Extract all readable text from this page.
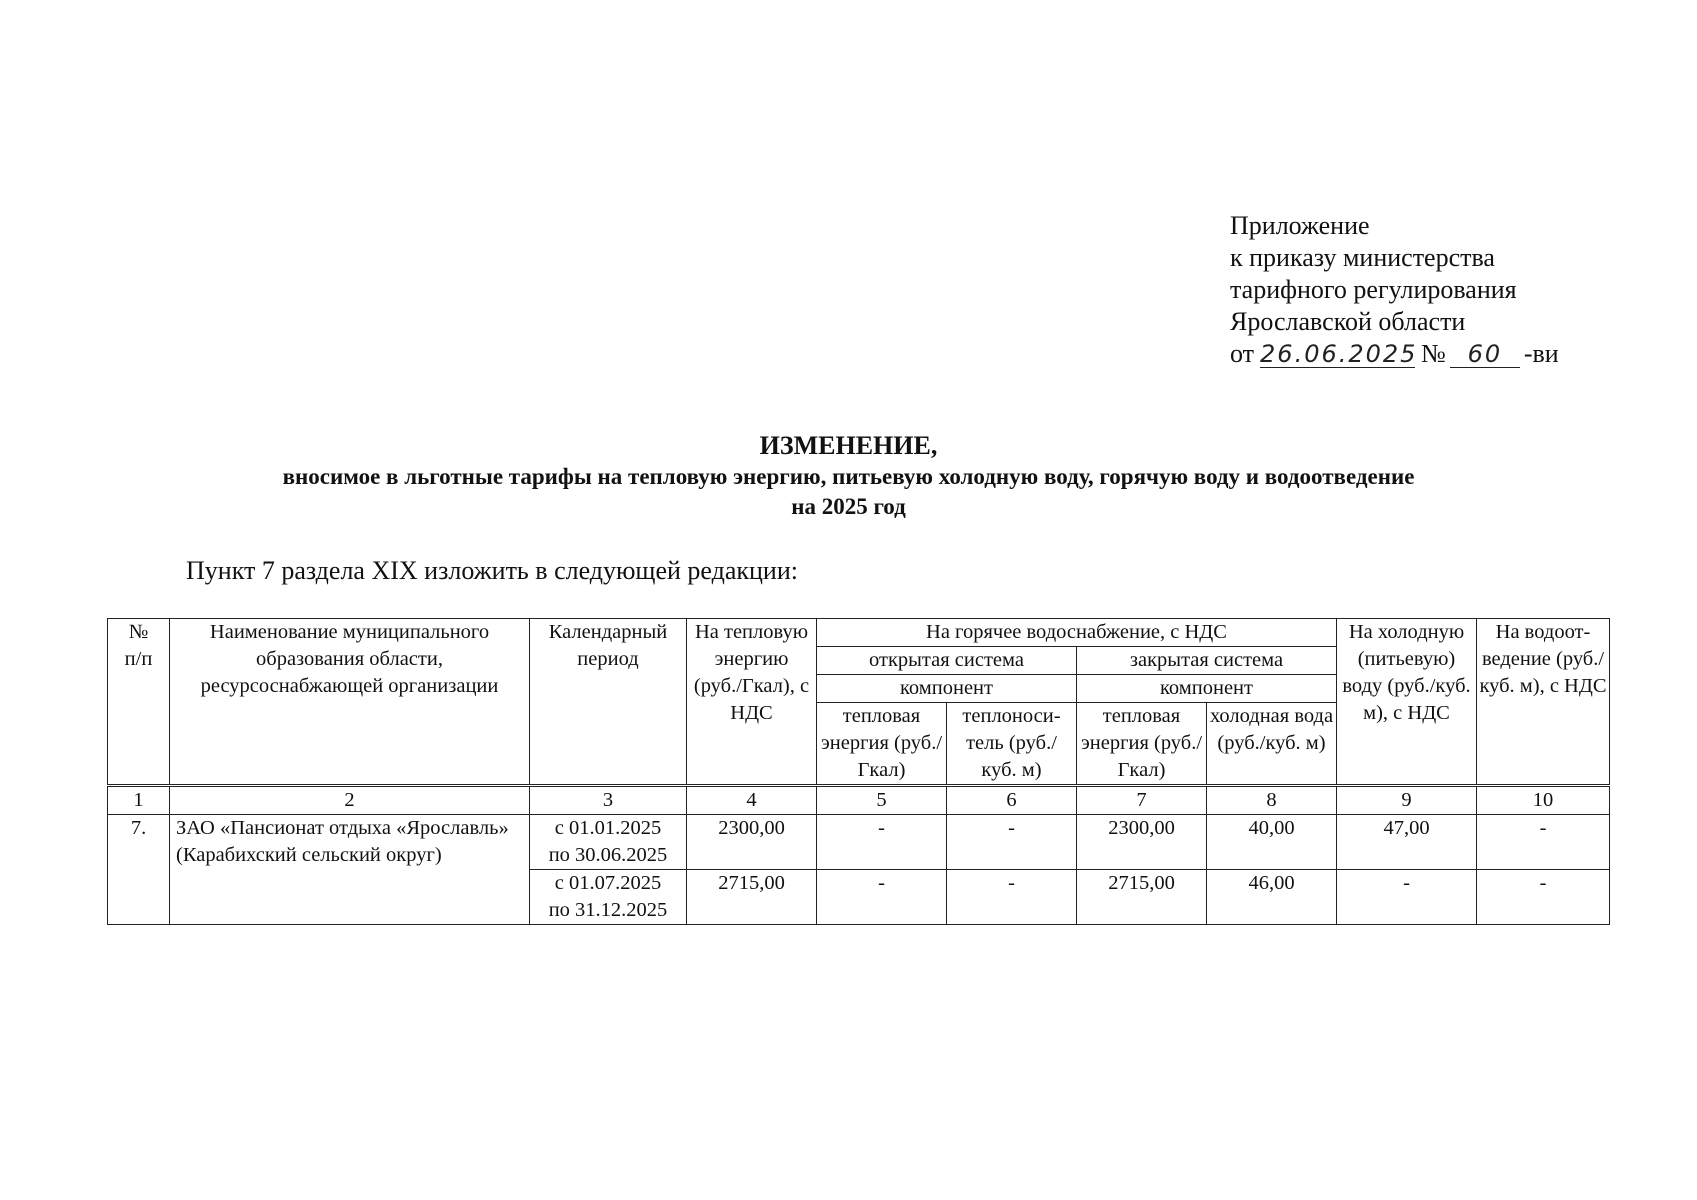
Приложение
к приказу министерства
тарифного регулирования
Ярославской области
от 26.06.2025 № 60 -ви
ИЗМЕНЕНИЕ,
вносимое в льготные тарифы на тепловую энергию, питьевую холодную воду, горячую воду и водоотведение
на 2025 год
Пункт 7 раздела XIX изложить в следующей редакции:
№
п/п	Наименование муниципального образования области, ресурсоснабжающей организации	Календарный период	На тепловую энергию (руб./Гкал), с НДС	На горячее водоснабжение, с НДС				На холодную (питьевую) воду (руб./куб. м), с НДС	На водоот-ведение (руб./куб. м), с НДС
				открытая система		закрытая система			
				компонент		компонент			
				тепловая энергия (руб./Гкал)	теплоноси-тель (руб./куб. м)	тепловая энергия (руб./Гкал)	холодная вода (руб./куб. м)		
1	2	3	4	5	6	7	8	9	10
7.	ЗАО «Пансионат отдыха «Ярославль» (Карабихский сельский округ)	с 01.01.2025
по 30.06.2025	2300,00	-	-	2300,00	40,00	47,00	-

		с 01.07.2025
по 31.12.2025	2715,00	-	-	2715,00	46,00	-	-
